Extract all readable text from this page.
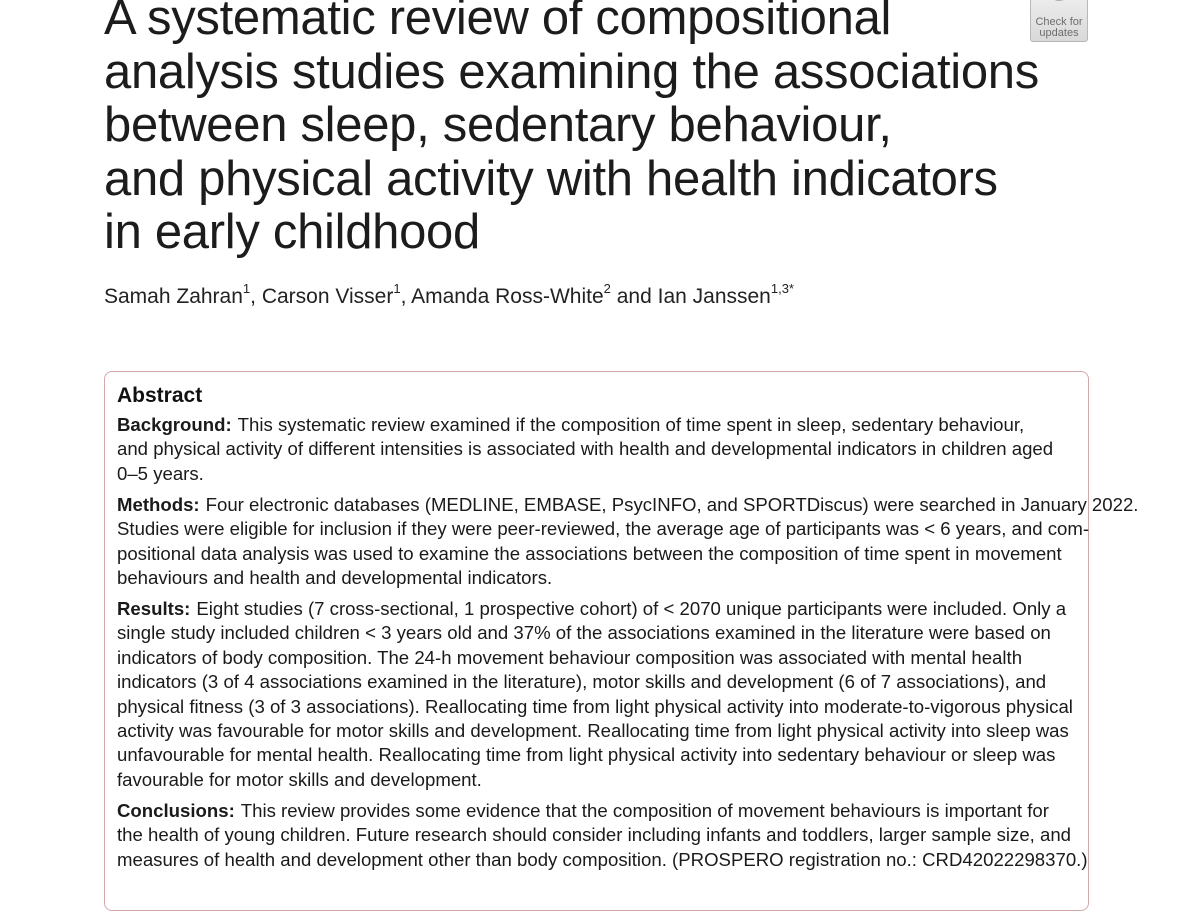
A systematic review of compositional
analysis studies examining the associations
between sleep, sedentary behaviour,
and physical activity with health indicators
in early childhood
Check for
updates

Samah Zahran$^1$, Carson Visser$^1$, Amanda Ross-White$^2$ and Ian Janssen$^{1,3*}$

Abstract

Background: This systematic review examined if the composition of time spent in sleep, sedentary behaviour,
and physical activity of different intensities is associated with health and developmental indicators in children aged
0–5 years.

Methods: Four electronic databases (MEDLINE, EMBASE, PsycINFO, and SPORTDiscus) were searched in January 2022.
Studies were eligible for inclusion if they were peer-reviewed, the average age of participants was < 6 years, and com-
positional data analysis was used to examine the associations between the composition of time spent in movement
behaviours and health and developmental indicators.

Results: Eight studies (7 cross-sectional, 1 prospective cohort) of < 2070 unique participants were included. Only a
single study included children < 3 years old and 37% of the associations examined in the literature were based on
indicators of body composition. The 24-h movement behaviour composition was associated with mental health
indicators (3 of 4 associations examined in the literature), motor skills and development (6 of 7 associations), and
physical fitness (3 of 3 associations). Reallocating time from light physical activity into moderate-to-vigorous physical
activity was favourable for motor skills and development. Reallocating time from light physical activity into sleep was
unfavourable for mental health. Reallocating time from light physical activity into sedentary behaviour or sleep was
favourable for motor skills and development.

Conclusions: This review provides some evidence that the composition of movement behaviours is important for
the health of young children. Future research should consider including infants and toddlers, larger sample size, and
measures of health and development other than body composition. (PROSPERO registration no.: CRD42022298370.)
